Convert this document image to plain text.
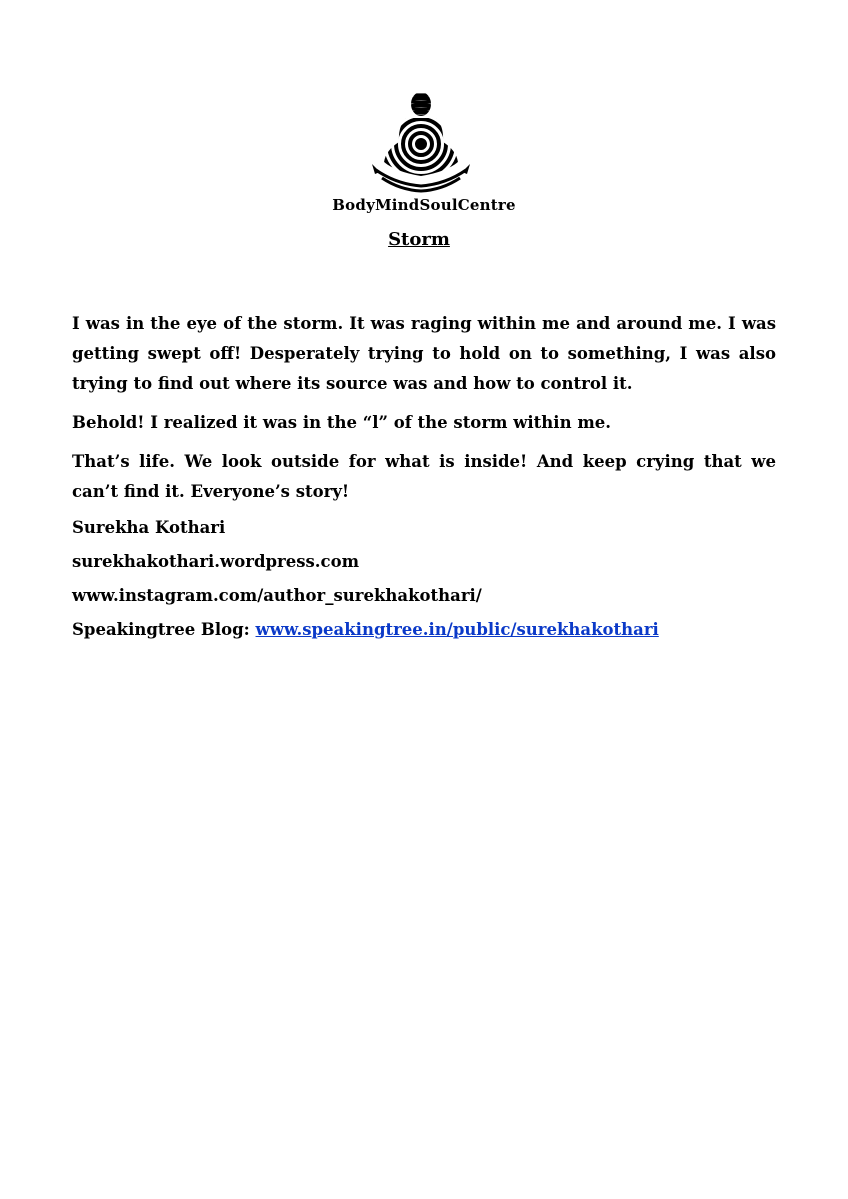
BodyMindSoulCentre
Storm

I was in the eye of the storm. It was raging within me and around me. I was getting swept off! Desperately trying to hold on to something, I was also trying to find out where its source was and how to control it.

Behold! I realized it was in the “l” of the storm within me.

That’s life. We look outside for what is inside! And keep crying that we can’t find it. Everyone’s story!

Surekha Kothari
surekhakothari.wordpress.com
www.instagram.com/author_surekhakothari/
Speakingtree Blog: www.speakingtree.in/public/surekhakothari
